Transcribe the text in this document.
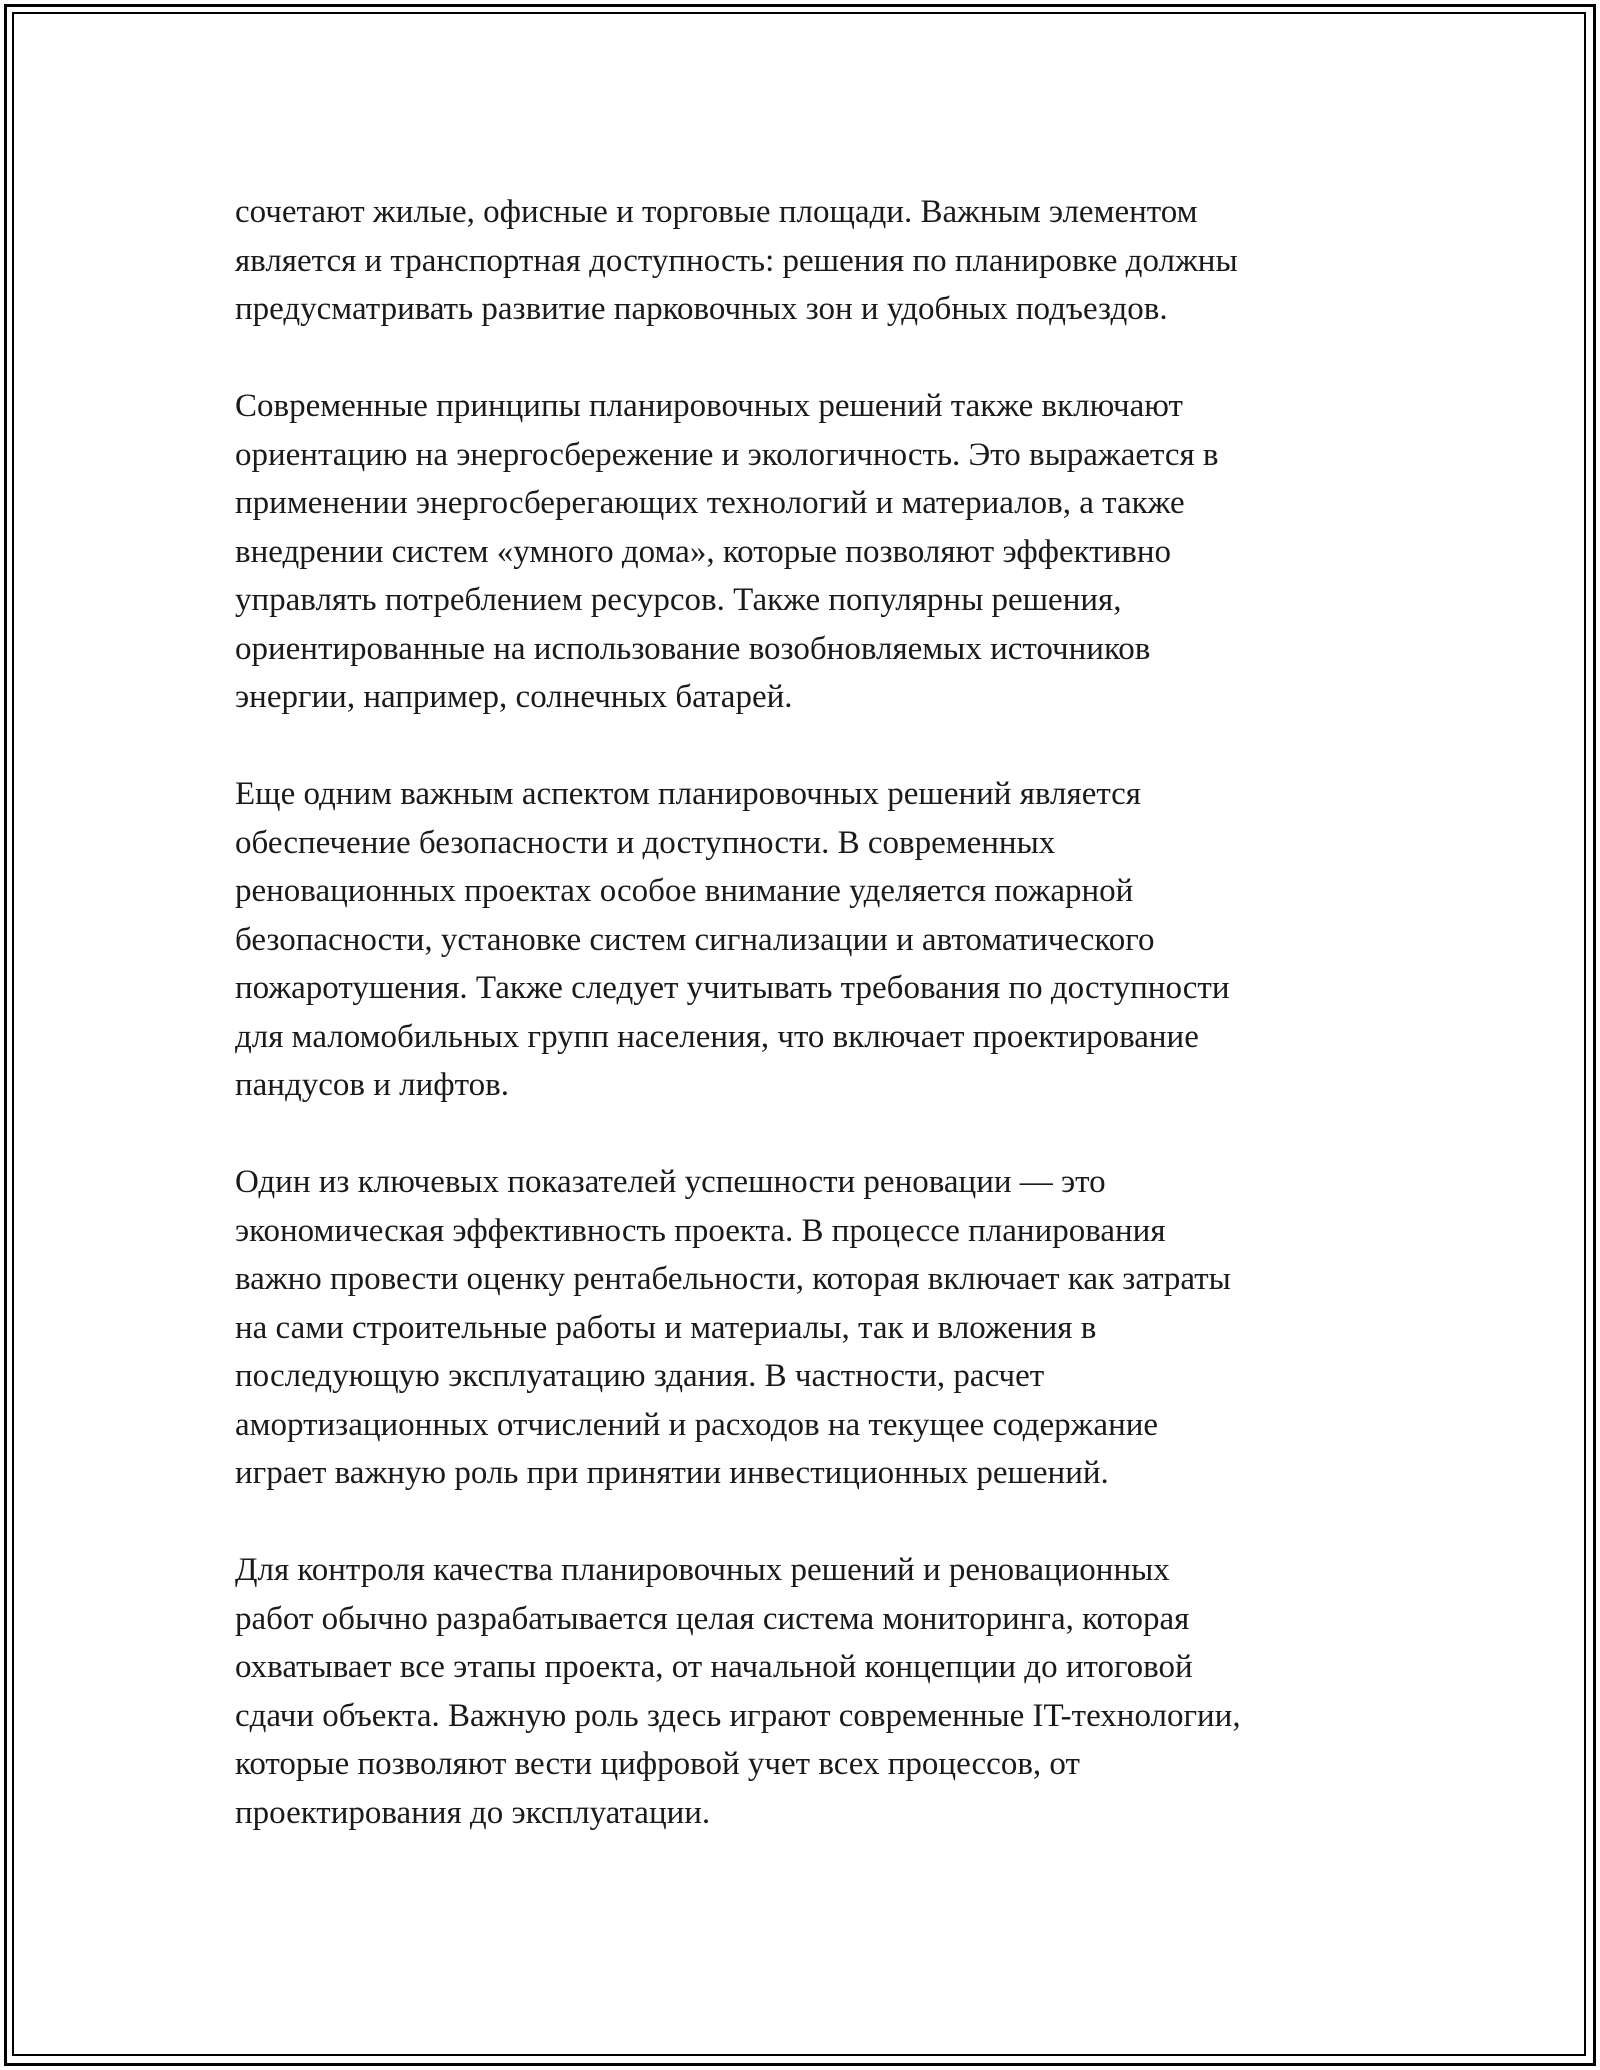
сочетают жилые, офисные и торговые площади. Важным элементом
является и транспортная доступность: решения по планировке должны
предусматривать развитие парковочных зон и удобных подъездов.

Современные принципы планировочных решений также включают
ориентацию на энергосбережение и экологичность. Это выражается в
применении энергосберегающих технологий и материалов, а также
внедрении систем «умного дома», которые позволяют эффективно
управлять потреблением ресурсов. Также популярны решения,
ориентированные на использование возобновляемых источников
энергии, например, солнечных батарей.

Еще одним важным аспектом планировочных решений является
обеспечение безопасности и доступности. В современных
реновационных проектах особое внимание уделяется пожарной
безопасности, установке систем сигнализации и автоматического
пожаротушения. Также следует учитывать требования по доступности
для маломобильных групп населения, что включает проектирование
пандусов и лифтов.

Один из ключевых показателей успешности реновации — это
экономическая эффективность проекта. В процессе планирования
важно провести оценку рентабельности, которая включает как затраты
на сами строительные работы и материалы, так и вложения в
последующую эксплуатацию здания. В частности, расчет
амортизационных отчислений и расходов на текущее содержание
играет важную роль при принятии инвестиционных решений.

Для контроля качества планировочных решений и реновационных
работ обычно разрабатывается целая система мониторинга, которая
охватывает все этапы проекта, от начальной концепции до итоговой
сдачи объекта. Важную роль здесь играют современные IT-технологии,
которые позволяют вести цифровой учет всех процессов, от
проектирования до эксплуатации.
